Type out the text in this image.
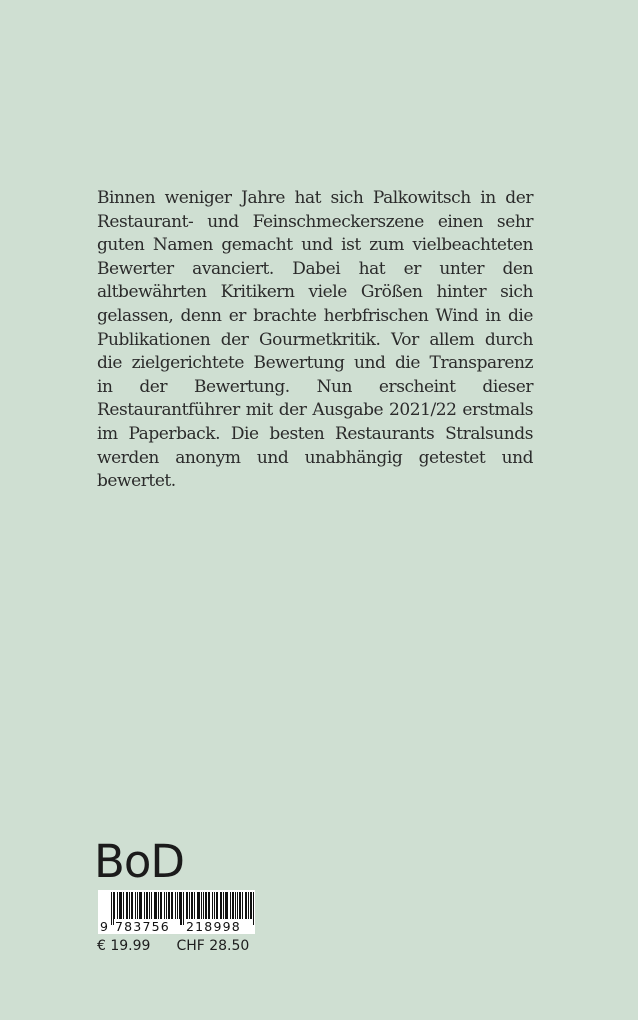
Binnen weniger Jahre hat sich Palkowitsch in der Restaurant- und Feinschmeckerszene einen sehr guten Namen gemacht und ist zum vielbeachteten Bewerter avanciert. Dabei hat er unter den altbewährten Kritikern viele Größen hinter sich gelassen, denn er brachte herbfrischen Wind in die Publikationen der Gourmetkritik. Vor allem durch die zielgerichtete Bewertung und die Transparenz in der Bewertung. Nun erscheint dieser Restaurantführer mit der Ausgabe 2021/22 erstmals im Paperback. Die besten Restaurants Stralsunds werden anonym und unabhängig getestet und bewertet.

BoD

9

783756

218998

€ 19.99 CHF 28.50
